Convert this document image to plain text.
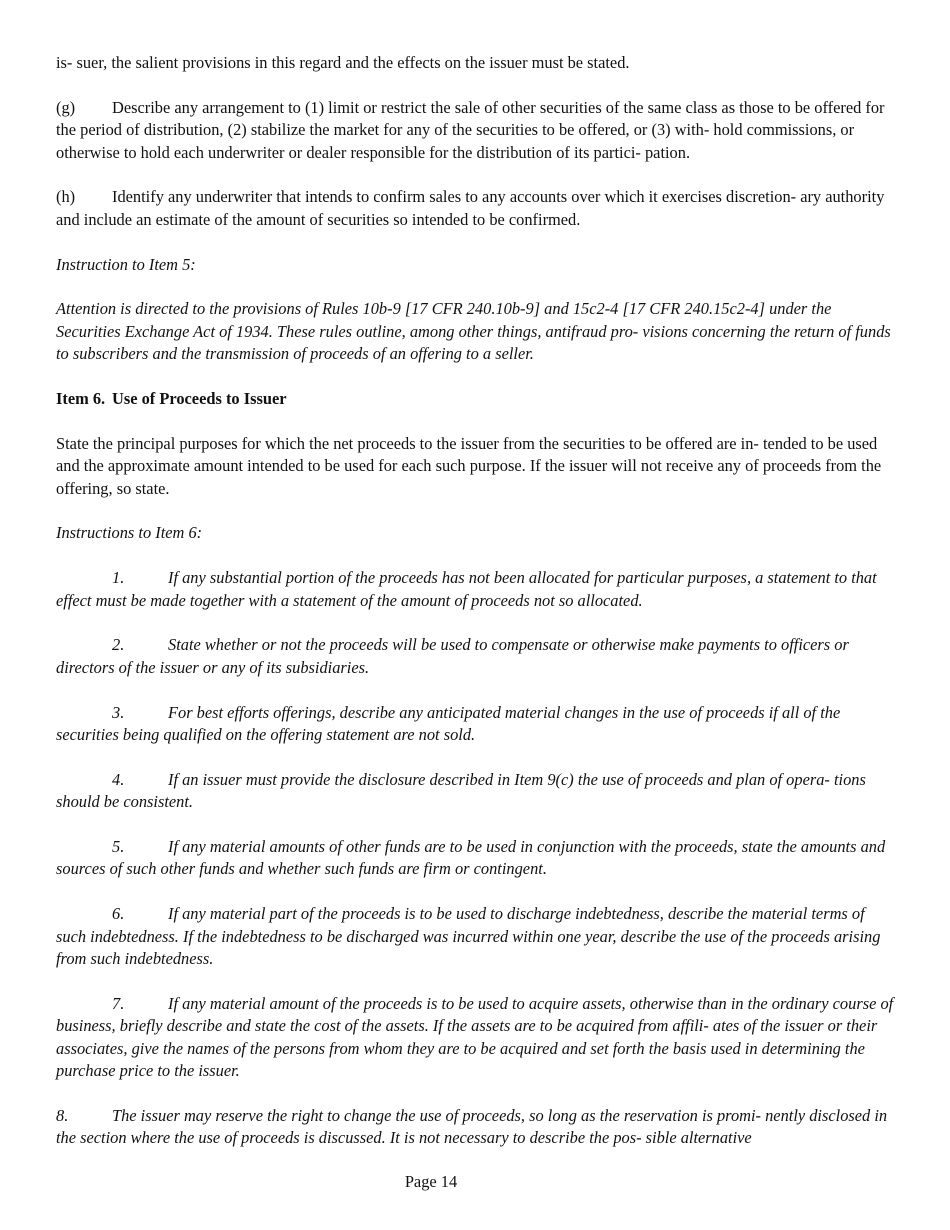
is- suer, the salient provisions in this regard and the effects on the issuer must be stated.

(g) Describe any arrangement to (1) limit or restrict the sale of other securities of the same class as those to be offered for the period of distribution, (2) stabilize the market for any of the securities to be offered, or (3) with- hold commissions, or otherwise to hold each underwriter or dealer responsible for the distribution of its partici- pation.

(h) Identify any underwriter that intends to confirm sales to any accounts over which it exercises discretion- ary authority and include an estimate of the amount of securities so intended to be confirmed.

Instruction to Item 5:

Attention is directed to the provisions of Rules 10b-9 [17 CFR 240.10b-9] and 15c2-4 [17 CFR 240.15c2-4] under the Securities Exchange Act of 1934. These rules outline, among other things, antifraud pro- visions concerning the return of funds to subscribers and the transmission of proceeds of an offering to a seller.

Item 6. Use of Proceeds to Issuer

State the principal purposes for which the net proceeds to the issuer from the securities to be offered are in- tended to be used and the approximate amount intended to be used for each such purpose. If the issuer will not receive any of proceeds from the offering, so state.

Instructions to Item 6:

1.	If any substantial portion of the proceeds has not been allocated for particular purposes, a statement to that effect must be made together with a statement of the amount of proceeds not so allocated.

2.	State whether or not the proceeds will be used to compensate or otherwise make payments to officers or directors of the issuer or any of its subsidiaries.

3.	For best efforts offerings, describe any anticipated material changes in the use of proceeds if all of the securities being qualified on the offering statement are not sold.

4.	If an issuer must provide the disclosure described in Item 9(c) the use of proceeds and plan of opera- tions should be consistent.

5.	If any material amounts of other funds are to be used in conjunction with the proceeds, state the amounts and sources of such other funds and whether such funds are firm or contingent.

6.	If any material part of the proceeds is to be used to discharge indebtedness, describe the material terms of such indebtedness. If the indebtedness to be discharged was incurred within one year, describe the use of the proceeds arising from such indebtedness.

7.	If any material amount of the proceeds is to be used to acquire assets, otherwise than in the ordinary course of business, briefly describe and state the cost of the assets. If the assets are to be acquired from affili- ates of the issuer or their associates, give the names of the persons from whom they are to be acquired and set forth the basis used in determining the purchase price to the issuer.

8.	The issuer may reserve the right to change the use of proceeds, so long as the reservation is promi- nently disclosed in the section where the use of proceeds is discussed. It is not necessary to describe the pos- sible alternative

Page 14
